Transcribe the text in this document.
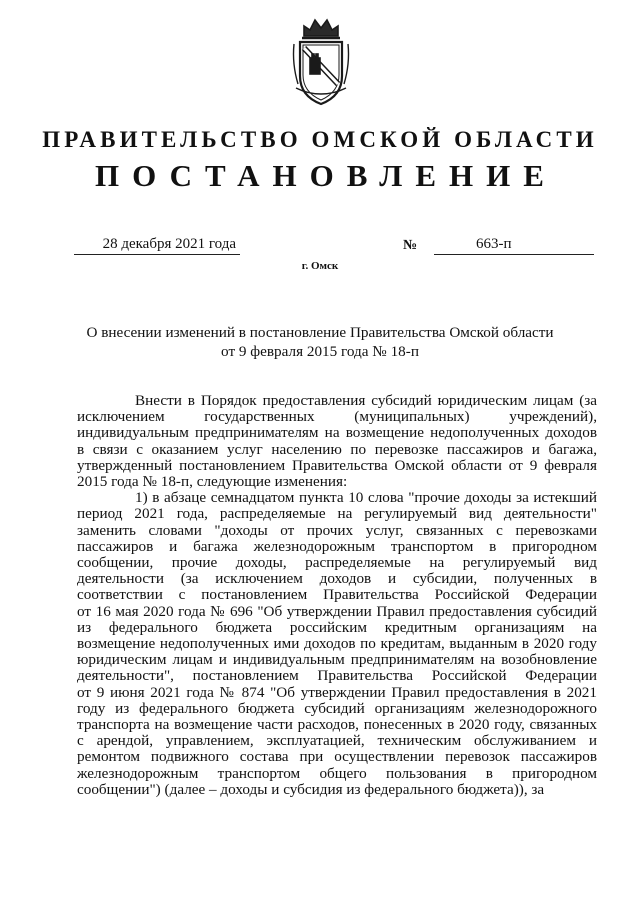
ПРАВИТЕЛЬСТВО ОМСКОЙ ОБЛАСТИ
ПОСТАНОВЛЕНИЕ
28 декабря 2021 года	№	663-п
г. Омск
О внесении изменений в постановление Правительства Омской области
от 9 февраля 2015 года № 18-п
Внести в Порядок предоставления субсидий юридическим лицам (за
исключением государственных (муниципальных) учреждений),
индивидуальным предпринимателям на возмещение недополученных доходов
в связи с оказанием услуг населению по перевозке пассажиров и багажа,
утвержденный постановлением Правительства Омской области от 9 февраля
2015 года № 18-п, следующие изменения:
1) в абзаце семнадцатом пункта 10 слова "прочие доходы за истекший
период 2021 года, распределяемые на регулируемый вид деятельности"
заменить словами "доходы от прочих услуг, связанных с перевозками
пассажиров и багажа железнодорожным транспортом в пригородном
сообщении, прочие доходы, распределяемые на регулируемый вид
деятельности (за исключением доходов и субсидии, полученных в
соответствии с постановлением Правительства Российской Федерации
от 16 мая 2020 года № 696 "Об утверждении Правил предоставления субсидий
из федерального бюджета российским кредитным организациям на
возмещение недополученных ими доходов по кредитам, выданным в 2020 году
юридическим лицам и индивидуальным предпринимателям на возобновление
деятельности", постановлением Правительства Российской Федерации
от 9 июня 2021 года № 874 "Об утверждении Правил предоставления в 2021
году из федерального бюджета субсидий организациям железнодорожного
транспорта на возмещение части расходов, понесенных в 2020 году, связанных
с арендой, управлением, эксплуатацией, техническим обслуживанием и
ремонтом подвижного состава при осуществлении перевозок пассажиров
железнодорожным транспортом общего пользования в пригородном
сообщении") (далее – доходы и субсидия из федерального бюджета)), за
